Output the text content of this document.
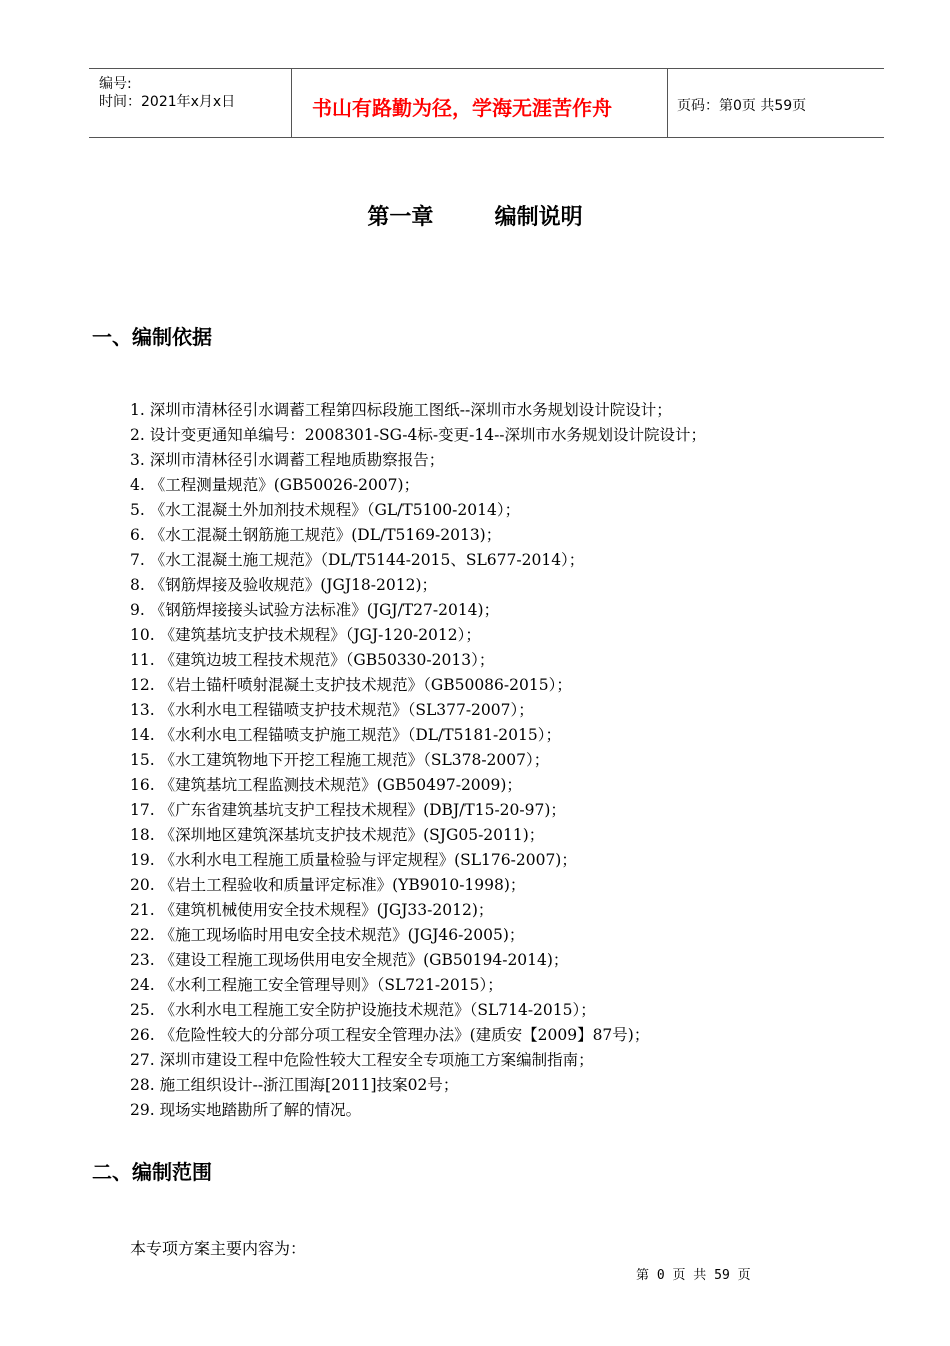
编号:
时间：2021年x月x日	书山有路勤为径，学海无涯苦作舟	页码：第0页 共59页
第一章        编制说明
一、编制依据
1. 深圳市清林径引水调蓄工程第四标段施工图纸--深圳市水务规划设计院设计；
2. 设计变更通知单编号：2008301-SG-4标-变更-14--深圳市水务规划设计院设计；
3. 深圳市清林径引水调蓄工程地质勘察报告；
4. 《工程测量规范》(GB50026-2007)；
5. 《水工混凝土外加剂技术规程》（GL/T5100-2014）；
6. 《水工混凝土钢筋施工规范》(DL/T5169-2013)；
7. 《水工混凝土施工规范》（DL/T5144-2015、SL677-2014）；
8. 《钢筋焊接及验收规范》(JGJ18-2012)；
9. 《钢筋焊接接头试验方法标准》(JGJ/T27-2014)；
10. 《建筑基坑支护技术规程》（JGJ-120-2012）；
11. 《建筑边坡工程技术规范》（GB50330-2013）；
12. 《岩土锚杆喷射混凝土支护技术规范》（GB50086-2015）；
13. 《水利水电工程锚喷支护技术规范》（SL377-2007）；
14. 《水利水电工程锚喷支护施工规范》（DL/T5181-2015）；
15. 《水工建筑物地下开挖工程施工规范》（SL378-2007）；
16. 《建筑基坑工程监测技术规范》(GB50497-2009)；
17. 《广东省建筑基坑支护工程技术规程》(DBJ/T15-20-97)；
18. 《深圳地区建筑深基坑支护技术规范》(SJG05-2011)；
19. 《水利水电工程施工质量检验与评定规程》(SL176-2007)；
20. 《岩土工程验收和质量评定标准》(YB9010-1998)；
21. 《建筑机械使用安全技术规程》(JGJ33-2012)；
22. 《施工现场临时用电安全技术规范》(JGJ46-2005)；
23. 《建设工程施工现场供用电安全规范》(GB50194-2014)；
24. 《水利工程施工安全管理导则》（SL721-2015）；
25. 《水利水电工程施工安全防护设施技术规范》（SL714-2015）；
26. 《危险性较大的分部分项工程安全管理办法》(建质安【2009】87号)；
27. 深圳市建设工程中危险性较大工程安全专项施工方案编制指南；
28. 施工组织设计--浙江围海[2011]技案02号；
29. 现场实地踏勘所了解的情况。
二、编制范围
本专项方案主要内容为：
第 0 页 共 59 页
